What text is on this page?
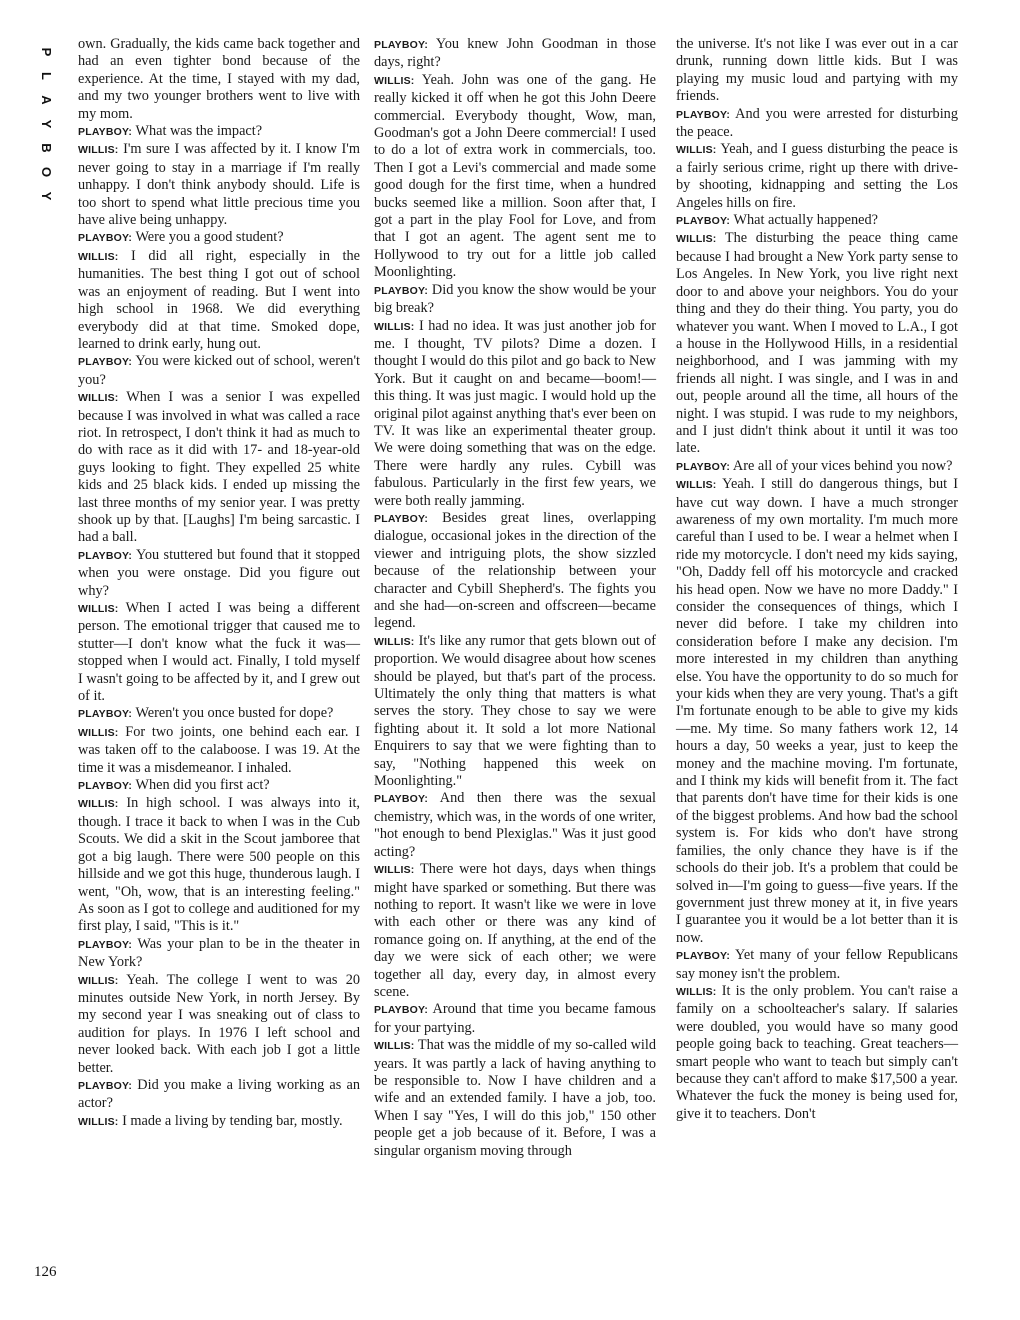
P
L
A
Y
B
O
Y
126

own. Gradually, the kids came back together and had an even tighter bond because of the experience. At the time, I stayed with my dad, and my two younger brothers went to live with my mom.

PLAYBOY: What was the impact?

WILLIS: I'm sure I was affected by it. I know I'm never going to stay in a marriage if I'm really unhappy. I don't think anybody should. Life is too short to spend what little precious time you have alive being unhappy.

PLAYBOY: Were you a good student?

WILLIS: I did all right, especially in the humanities. The best thing I got out of school was an enjoyment of reading. But I went into high school in 1968. We did everything everybody did at that time. Smoked dope, learned to drink early, hung out.

PLAYBOY: You were kicked out of school, weren't you?

WILLIS: When I was a senior I was expelled because I was involved in what was called a race riot. In retrospect, I don't think it had as much to do with race as it did with 17- and 18-year-old guys looking to fight. They expelled 25 white kids and 25 black kids. I ended up missing the last three months of my senior year. I was pretty shook up by that. [Laughs] I'm being sarcastic. I had a ball.

PLAYBOY: You stuttered but found that it stopped when you were onstage. Did you figure out why?

WILLIS: When I acted I was being a different person. The emotional trigger that caused me to stutter—I don't know what the fuck it was—stopped when I would act. Finally, I told myself I wasn't going to be affected by it, and I grew out of it.

PLAYBOY: Weren't you once busted for dope?

WILLIS: For two joints, one behind each ear. I was taken off to the calaboose. I was 19. At the time it was a misdemeanor. I inhaled.

PLAYBOY: When did you first act?

WILLIS: In high school. I was always into it, though. I trace it back to when I was in the Cub Scouts. We did a skit in the Scout jamboree that got a big laugh. There were 500 people on this hillside and we got this huge, thunderous laugh. I went, "Oh, wow, that is an interesting feeling." As soon as I got to college and auditioned for my first play, I said, "This is it."

PLAYBOY: Was your plan to be in the theater in New York?

WILLIS: Yeah. The college I went to was 20 minutes outside New York, in north Jersey. By my second year I was sneaking out of class to audition for plays. In 1976 I left school and never looked back. With each job I got a little better.

PLAYBOY: Did you make a living working as an actor?

WILLIS: I made a living by tending bar, mostly.

PLAYBOY: You knew John Goodman in those days, right?

WILLIS: Yeah. John was one of the gang. He really kicked it off when he got this John Deere commercial. Everybody thought, Wow, man, Goodman's got a John Deere commercial! I used to do a lot of extra work in commercials, too. Then I got a Levi's commercial and made some good dough for the first time, when a hundred bucks seemed like a million. Soon after that, I got a part in the play Fool for Love, and from that I got an agent. The agent sent me to Hollywood to try out for a little job called Moonlighting.

PLAYBOY: Did you know the show would be your big break?

WILLIS: I had no idea. It was just another job for me. I thought, TV pilots? Dime a dozen. I thought I would do this pilot and go back to New York. But it caught on and became—boom!—this thing. It was just magic. I would hold up the original pilot against anything that's ever been on TV. It was like an experimental theater group. We were doing something that was on the edge. There were hardly any rules. Cybill was fabulous. Particularly in the first few years, we were both really jamming.

PLAYBOY: Besides great lines, overlapping dialogue, occasional jokes in the direction of the viewer and intriguing plots, the show sizzled because of the relationship between your character and Cybill Shepherd's. The fights you and she had—on-screen and offscreen—became legend.

WILLIS: It's like any rumor that gets blown out of proportion. We would disagree about how scenes should be played, but that's part of the process. Ultimately the only thing that matters is what serves the story. They chose to say we were fighting about it. It sold a lot more National Enquirers to say that we were fighting than to say, "Nothing happened this week on Moonlighting."

PLAYBOY: And then there was the sexual chemistry, which was, in the words of one writer, "hot enough to bend Plexiglas." Was it just good acting?

WILLIS: There were hot days, days when things might have sparked or something. But there was nothing to report. It wasn't like we were in love with each other or there was any kind of romance going on. If anything, at the end of the day we were sick of each other; we were together all day, every day, in almost every scene.

PLAYBOY: Around that time you became famous for your partying.

WILLIS: That was the middle of my so-called wild years. It was partly a lack of having anything to be responsible to. Now I have children and a wife and an extended family. I have a job, too. When I say "Yes, I will do this job," 150 other people get a job because of it. Before, I was a singular organism moving through

the universe. It's not like I was ever out in a car drunk, running down little kids. But I was playing my music loud and partying with my friends.

PLAYBOY: And you were arrested for disturbing the peace.

WILLIS: Yeah, and I guess disturbing the peace is a fairly serious crime, right up there with drive-by shooting, kidnapping and setting the Los Angeles hills on fire.

PLAYBOY: What actually happened?

WILLIS: The disturbing the peace thing came because I had brought a New York party sense to Los Angeles. In New York, you live right next door to and above your neighbors. You do your thing and they do their thing. You party, you do whatever you want. When I moved to L.A., I got a house in the Hollywood Hills, in a residential neighborhood, and I was jamming with my friends all night. I was single, and I was in and out, people around all the time, all hours of the night. I was stupid. I was rude to my neighbors, and I just didn't think about it until it was too late.

PLAYBOY: Are all of your vices behind you now?

WILLIS: Yeah. I still do dangerous things, but I have cut way down. I have a much stronger awareness of my own mortality. I'm much more careful than I used to be. I wear a helmet when I ride my motorcycle. I don't need my kids saying, "Oh, Daddy fell off his motorcycle and cracked his head open. Now we have no more Daddy." I consider the consequences of things, which I never did before. I take my children into consideration before I make any decision. I'm more interested in my children than anything else. You have the opportunity to do so much for your kids when they are very young. That's a gift I'm fortunate enough to be able to give my kids—me. My time. So many fathers work 12, 14 hours a day, 50 weeks a year, just to keep the money and the machine moving. I'm fortunate, and I think my kids will benefit from it. The fact that parents don't have time for their kids is one of the biggest problems. And how bad the school system is. For kids who don't have strong families, the only chance they have is if the schools do their job. It's a problem that could be solved in—I'm going to guess—five years. If the government just threw money at it, in five years I guarantee you it would be a lot better than it is now.

PLAYBOY: Yet many of your fellow Republicans say money isn't the problem.

WILLIS: It is the only problem. You can't raise a family on a schoolteacher's salary. If salaries were doubled, you would have so many good people going back to teaching. Great teachers—smart people who want to teach but simply can't because they can't afford to make $17,500 a year. Whatever the fuck the money is being used for, give it to teachers. Don't
